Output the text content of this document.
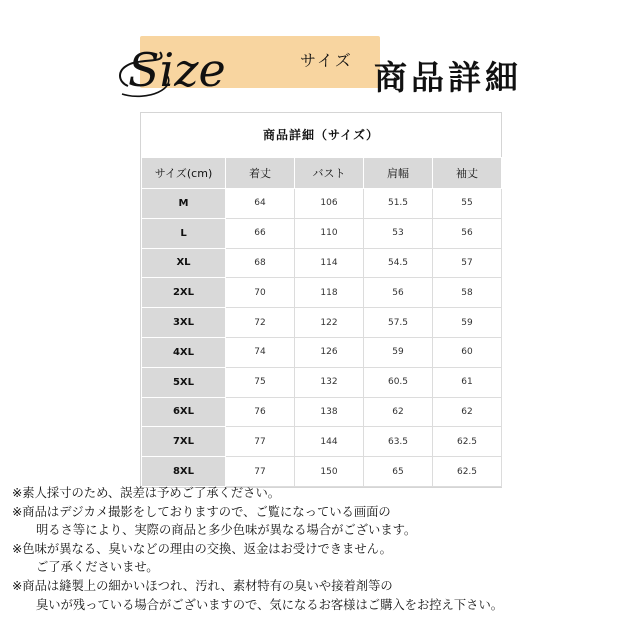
Size	サイズ 商品詳細
商品詳細（サイズ）
サイズ(cm)	着丈	バスト	肩幅	袖丈
M	64	106	51.5	55
L	66	110	53	56
XL	68	114	54.5	57
2XL	70	118	56	58
3XL	72	122	57.5	59
4XL	74	126	59	60
5XL	75	132	60.5	61
6XL	76	138	62	62
7XL	77	144	63.5	62.5
8XL	77	150	65	62.5
※素人採寸のため、誤差は予めご了承ください。
※商品はデジカメ撮影をしておりますので、ご覧になっている画面の
明るさ等により、実際の商品と多少色味が異なる場合がございます。
※色味が異なる、臭いなどの理由の交換、返金はお受けできません。
ご了承くださいませ。
※商品は縫製上の細かいほつれ、汚れ、素材特有の臭いや接着剤等の
臭いが残っている場合がございますので、気になるお客様はご購入をお控え下さい。
